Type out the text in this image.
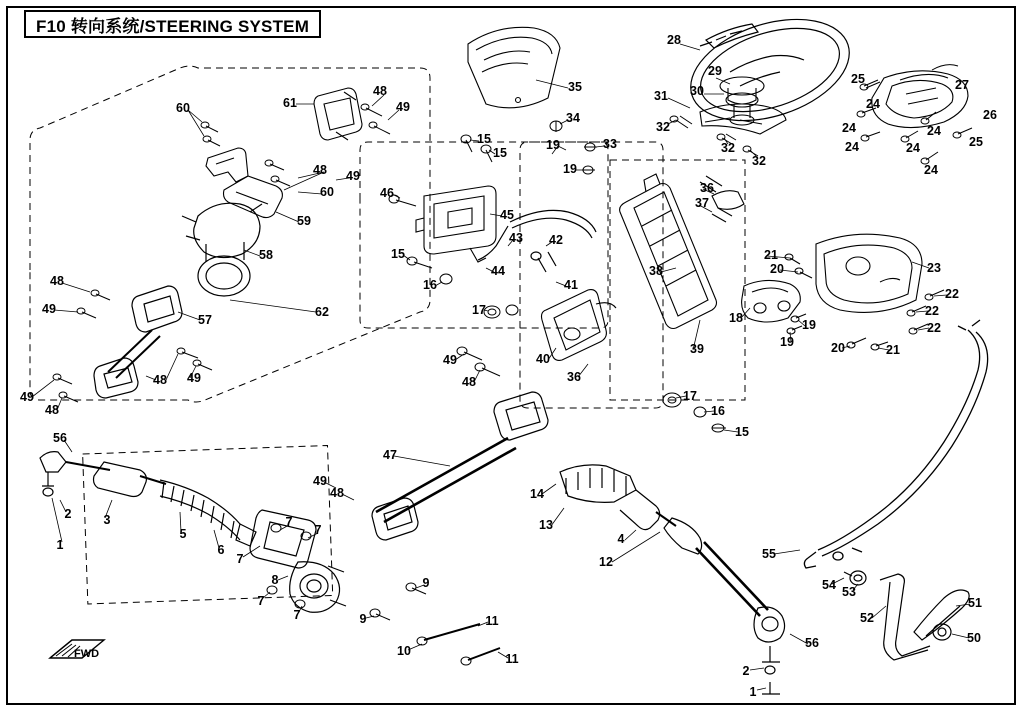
F10 转向系统/STEERING SYSTEM
FWD
28
25	27
29
30
31
26
24
24	24
25
24	24
24
32
32
32
35
34
33
19
19
15
15
48
49
61
60
48 49
60
59
58
57
48
49	62
48 49
49
48
46
45
43 42
15
44
41
16
17
36
37
38
39
21
20	23
22
22
22
18	19
19	20	21
49
48
40
36
17
16
15
56
2	3
1
5
6
7
7
7
7
8
7	9
9
10
11
11
47
49
48	14
13
4
12
56
2
1
55
54 53
52
51
50
